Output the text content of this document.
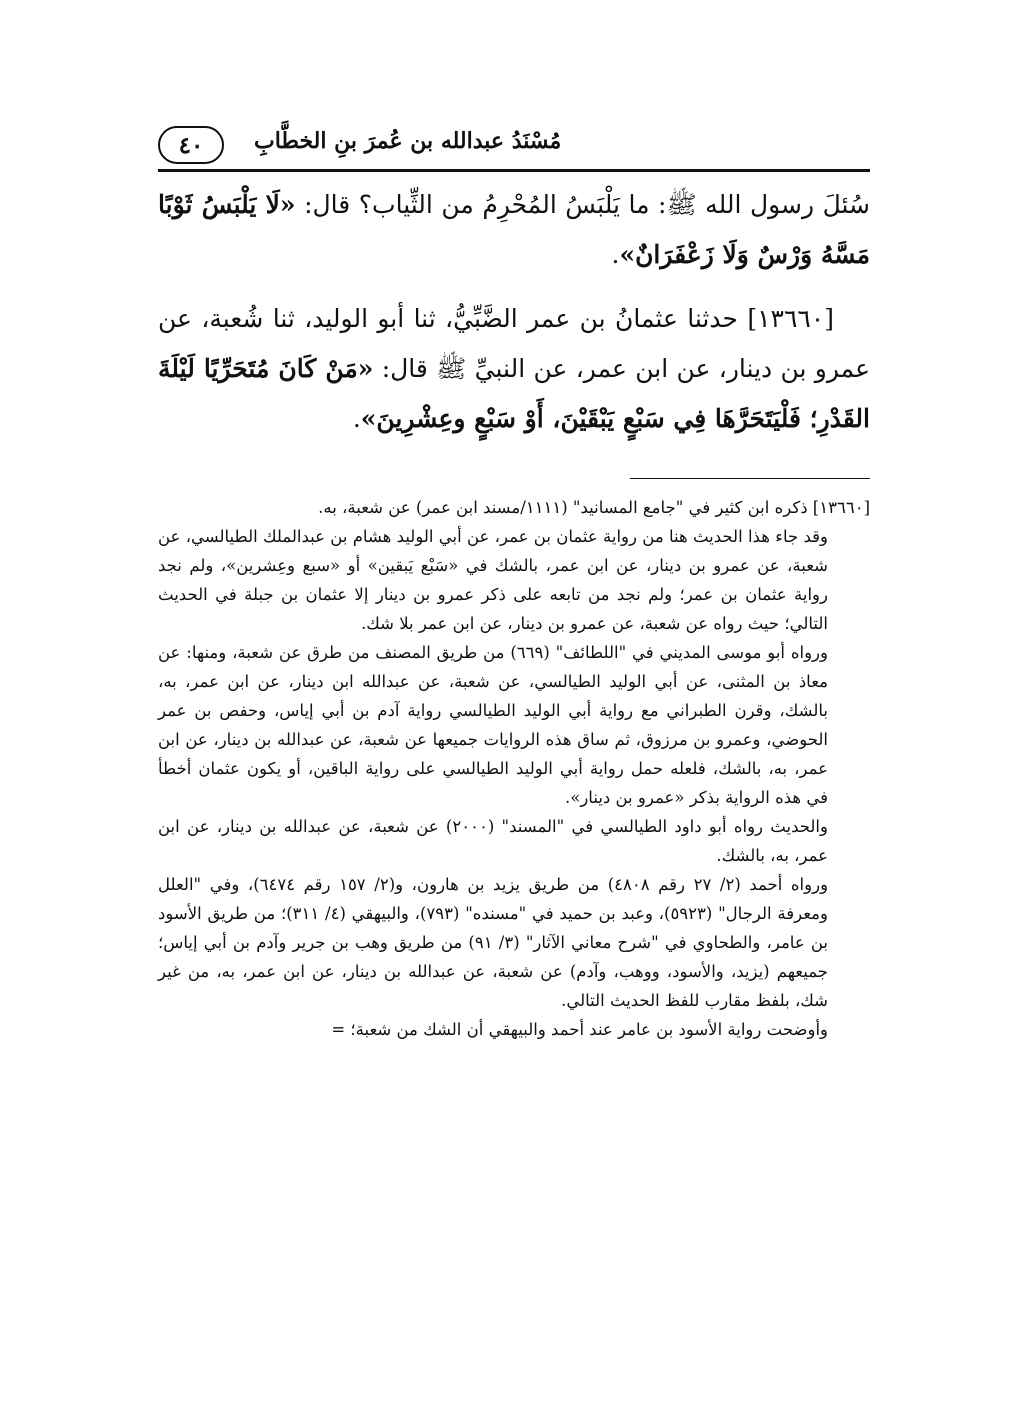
مُسْنَدُ عبدالله بن عُمرَ بنِ الخطَّابِ
٤٠

سُئلَ رسول الله ﷺ: ما يَلْبَسُ المُحْرِمُ من الثِّياب؟ قال: «لَا يَلْبَسُ ثَوْبًا مَسَّهُ وَرْسٌ وَلَا زَعْفَرَانٌ».

[١٣٦٦٠] حدثنا عثمانُ بن عمر الضَّبِّيُّ، ثنا أبو الوليد، ثنا شُعبة، عن عمرو بن دينار، عن ابن عمر، عن النبيِّ ﷺ قال: «مَنْ كَانَ مُتَحَرِّيًا لَيْلَةَ القَدْرِ؛ فَلْيَتَحَرَّهَا فِي سَبْعٍ يَبْقَيْنَ، أَوْ سَبْعٍ وعِشْرِينَ».

[١٣٦٦٠] ذكره ابن كثير في "جامع المسانيد" (١١١١/مسند ابن عمر) عن شعبة، به.

وقد جاء هذا الحديث هنا من رواية عثمان بن عمر، عن أبي الوليد هشام بن عبدالملك الطيالسي، عن شعبة، عن عمرو بن دينار، عن ابن عمر، بالشك في «سَبْع يَبقين» أو «سبع وعِشرين»، ولم نجد رواية عثمان بن عمر؛ ولم نجد من تابعه على ذكر عمرو بن دينار إلا عثمان بن جبلة في الحديث التالي؛ حيث رواه عن شعبة، عن عمرو بن دينار، عن ابن عمر بلا شك.

ورواه أبو موسى المديني في "اللطائف" (٦٦٩) من طريق المصنف من طرق عن شعبة، ومنها: عن معاذ بن المثنى، عن أبي الوليد الطيالسي، عن شعبة، عن عبدالله ابن دينار، عن ابن عمر، به، بالشك، وقرن الطبراني مع رواية أبي الوليد الطيالسي رواية آدم بن أبي إياس، وحفص بن عمر الحوضي، وعمرو بن مرزوق، ثم ساق هذه الروايات جميعها عن شعبة، عن عبدالله بن دينار، عن ابن عمر، به، بالشك، فلعله حمل رواية أبي الوليد الطيالسي على رواية الباقين، أو يكون عثمان أخطأ في هذه الرواية بذكر «عمرو بن دينار».

والحديث رواه أبو داود الطيالسي في "المسند" (٢٠٠٠) عن شعبة، عن عبدالله بن دينار، عن ابن عمر، به، بالشك.

ورواه أحمد (٢/ ٢٧ رقم ٤٨٠٨) من طريق يزيد بن هارون، و(٢/ ١٥٧ رقم ٦٤٧٤)، وفي "العلل ومعرفة الرجال" (٥٩٢٣)، وعبد بن حميد في "مسنده" (٧٩٣)، والبيهقي (٤/ ٣١١)؛ من طريق الأسود بن عامر، والطحاوي في "شرح معاني الآثار" (٣/ ٩١) من طريق وهب بن جرير وآدم بن أبي إياس؛ جميعهم (يزيد، والأسود، ووهب، وآدم) عن شعبة، عن عبدالله بن دينار، عن ابن عمر، به، من غير شك، بلفظ مقارب للفظ الحديث التالي.

وأوضحت رواية الأسود بن عامر عند أحمد والبيهقي أن الشك من شعبة؛ =
